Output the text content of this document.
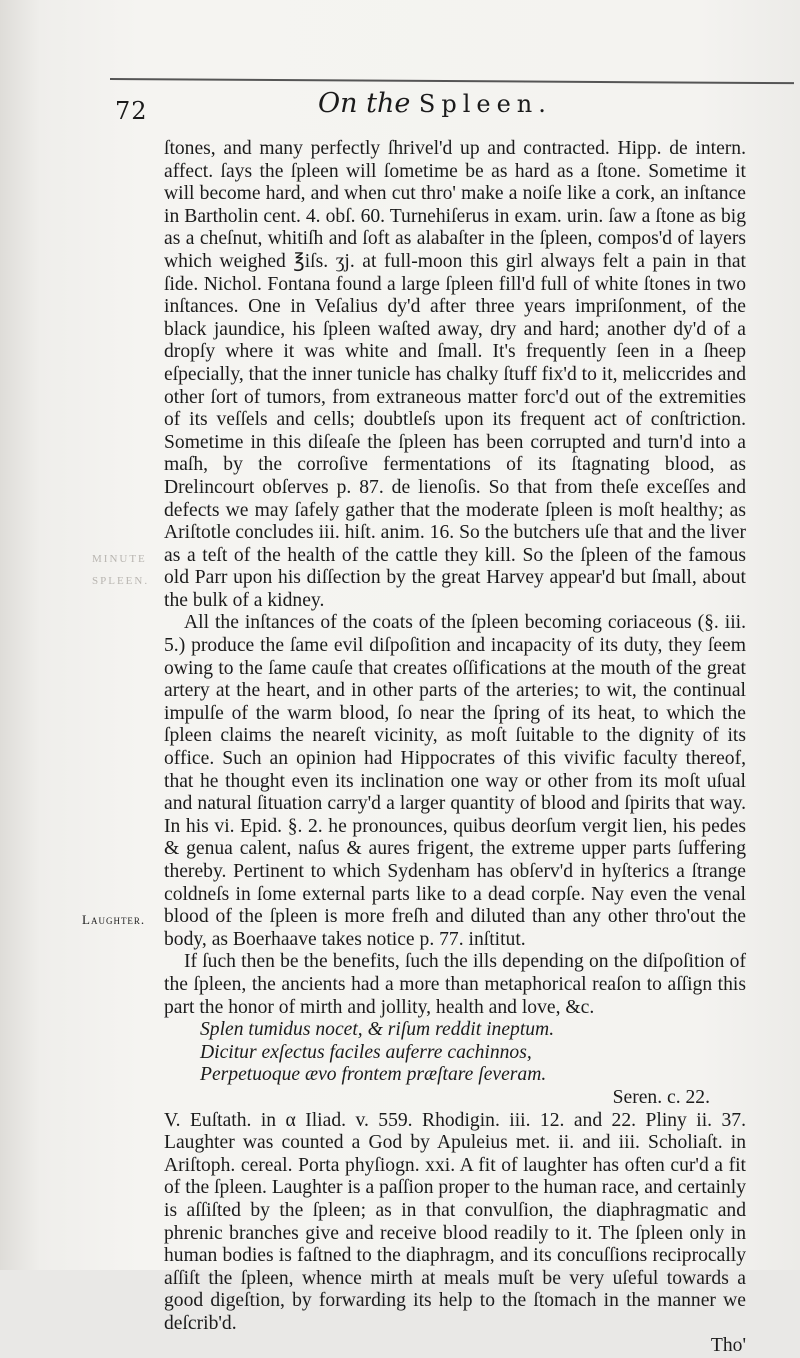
MINUTE
SPLEEN.
72	On the Spleen.
Laughter.

ſtones, and many perfectly ſhrivel'd up and contracted. Hipp. de intern. affect. ſays the ſpleen will ſometime be as hard as a ſtone. Sometime it will become hard, and when cut thro' make a noiſe like a cork, an inſtance in Bartholin cent. 4. obſ. 60. Turnehiſerus in exam. urin. ſaw a ſtone as big as a cheſnut, whitiſh and ſoft as alabaſter in the ſpleen, compos'd of layers which weighed ℥iſs. ʒj. at full-moon this girl always felt a pain in that ſide. Nichol. Fontana found a large ſpleen fill'd full of white ſtones in two inſtances. One in Veſalius dy'd after three years impriſonment, of the black jaundice, his ſpleen waſted away, dry and hard; another dy'd of a dropſy where it was white and ſmall. It's frequently ſeen in a ſheep eſpecially, that the inner tunicle has chalky ſtuff fix'd to it, meliccrides and other ſort of tumors, from extraneous matter forc'd out of the extremities of its veſſels and cells; doubtleſs upon its frequent act of conſtriction. Sometime in this diſeaſe the ſpleen has been corrupted and turn'd into a maſh, by the corroſive fermentations of its ſtagnating blood, as Drelincourt obſerves p. 87. de lienoſis. So that from theſe exceſſes and defects we may ſafely gather that the moderate ſpleen is moſt healthy; as Ariſtotle concludes iii. hiſt. anim. 16. So the butchers uſe that and the liver as a teſt of the health of the cattle they kill. So the ſpleen of the famous old Parr upon his diſſection by the great Harvey appear'd but ſmall, about the bulk of a kidney.

All the inſtances of the coats of the ſpleen becoming coriaceous (§. iii. 5.) produce the ſame evil diſpoſition and incapacity of its duty, they ſeem owing to the ſame cauſe that creates oſſifications at the mouth of the great artery at the heart, and in other parts of the arteries; to wit, the continual impulſe of the warm blood, ſo near the ſpring of its heat, to which the ſpleen claims the neareſt vicinity, as moſt ſuitable to the dignity of its office. Such an opinion had Hippocrates of this vivific faculty thereof, that he thought even its inclination one way or other from its moſt uſual and natural ſituation carry'd a larger quantity of blood and ſpirits that way. In his vi. Epid. §. 2. he pronounces, quibus deorſum vergit lien, his pedes & genua calent, naſus & aures frigent, the extreme upper parts ſuffering thereby. Pertinent to which Sydenham has obſerv'd in hyſterics a ſtrange coldneſs in ſome external parts like to a dead corpſe. Nay even the venal blood of the ſpleen is more freſh and diluted than any other thro'out the body, as Boerhaave takes notice p. 77. inſtitut.

If ſuch then be the benefits, ſuch the ills depending on the diſpoſition of the ſpleen, the ancients had a more than metaphorical reaſon to aſſign this part the honor of mirth and jollity, health and love, &c.

Splen tumidus nocet, & riſum reddit ineptum.

Dicitur exſectus faciles auferre cachinnos,

Perpetuoque ævo frontem præſtare ſeveram.

Seren. c. 22.

V. Euſtath. in α Iliad. v. 559. Rhodigin. iii. 12. and 22. Pliny ii. 37. Laughter was counted a God by Apuleius met. ii. and iii. Scholiaſt. in Ariſtoph. cereal. Porta phyſiogn. xxi. A fit of laughter has often cur'd a fit of the ſpleen. Laughter is a paſſion proper to the human race, and certainly is aſſiſted by the ſpleen; as in that convulſion, the diaphragmatic and phrenic branches give and receive blood readily to it. The ſpleen only in human bodies is faſtned to the diaphragm, and its concuſſions reciprocally aſſiſt the ſpleen, whence mirth at meals muſt be very uſeful towards a good digeſtion, by forwarding its help to the ſtomach in the manner we deſcrib'd.

Tho'
